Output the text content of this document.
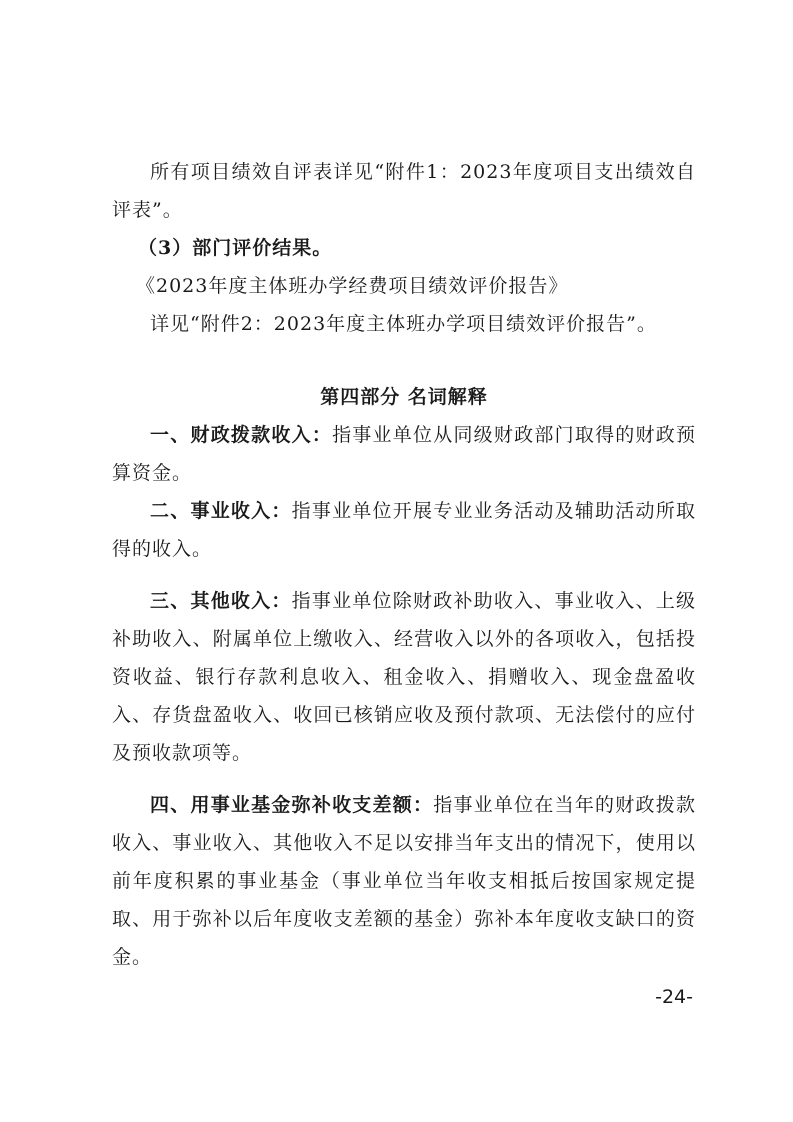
所有项目绩效自评表详见“附件1：2023年度项目支出绩效自评表”。

（3）部门评价结果。

《2023年度主体班办学经费项目绩效评价报告》

详见“附件2：2023年度主体班办学项目绩效评价报告”。

第四部分 名词解释

一、财政拨款收入：指事业单位从同级财政部门取得的财政预算资金。

二、事业收入：指事业单位开展专业业务活动及辅助活动所取得的收入。

三、其他收入：指事业单位除财政补助收入、事业收入、上级补助收入、附属单位上缴收入、经营收入以外的各项收入，包括投资收益、银行存款利息收入、租金收入、捐赠收入、现金盘盈收入、存货盘盈收入、收回已核销应收及预付款项、无法偿付的应付及预收款项等。

四、用事业基金弥补收支差额：指事业单位在当年的财政拨款收入、事业收入、其他收入不足以安排当年支出的情况下，使用以前年度积累的事业基金（事业单位当年收支相抵后按国家规定提取、用于弥补以后年度收支差额的基金）弥补本年度收支缺口的资金。

-24-
